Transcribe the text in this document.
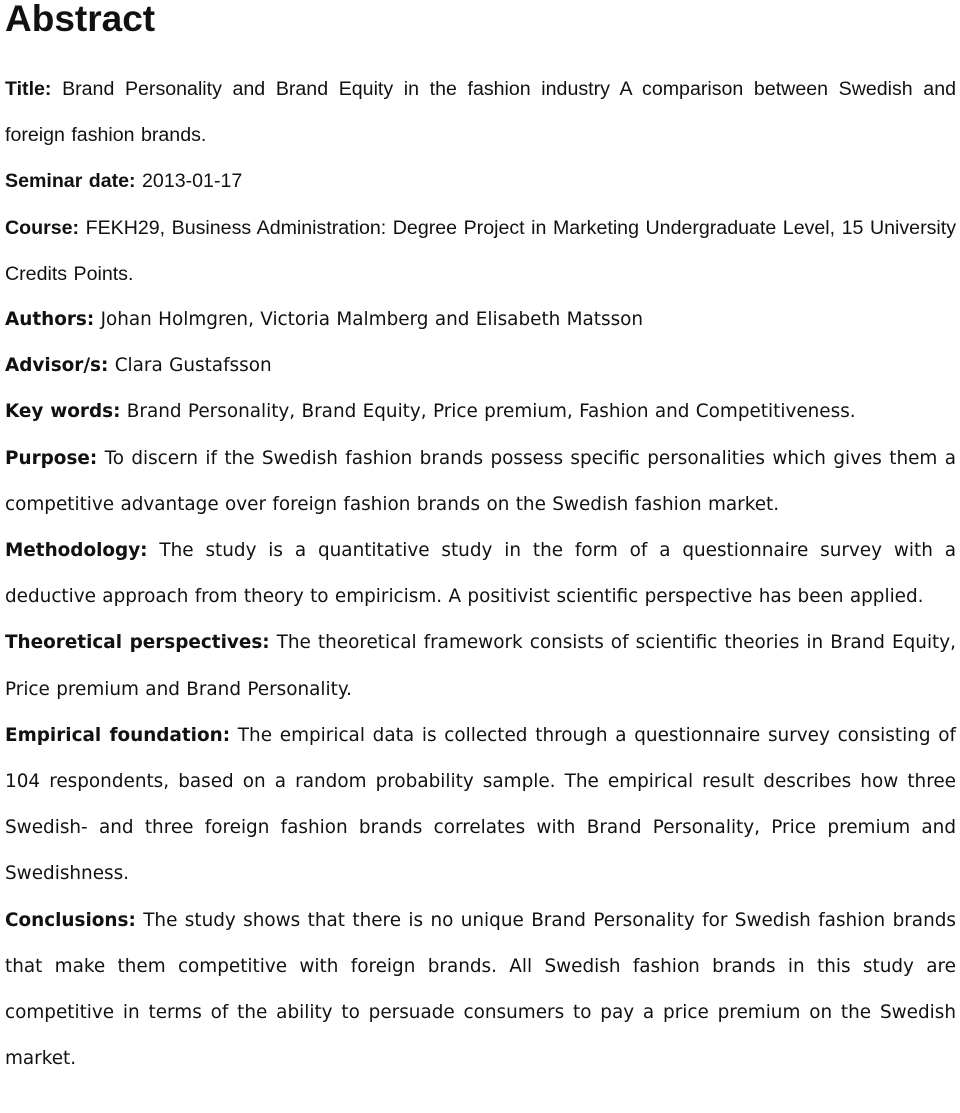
Abstract

Title: Brand Personality and Brand Equity in the fashion industry A comparison between Swedish and foreign fashion brands.

Seminar date: 2013-01-17

Course: FEKH29, Business Administration: Degree Project in Marketing Undergraduate Level, 15 University Credits Points.

Authors: Johan Holmgren, Victoria Malmberg and Elisabeth Matsson

Advisor/s: Clara Gustafsson

Key words: Brand Personality, Brand Equity, Price premium, Fashion and Competitiveness.

Purpose: To discern if the Swedish fashion brands possess specific personalities which gives them a competitive advantage over foreign fashion brands on the Swedish fashion market.

Methodology: The study is a quantitative study in the form of a questionnaire survey with a deductive approach from theory to empiricism. A positivist scientific perspective has been applied.

Theoretical perspectives: The theoretical framework consists of scientific theories in Brand Equity, Price premium and Brand Personality.

Empirical foundation: The empirical data is collected through a questionnaire survey consisting of 104 respondents, based on a random probability sample. The empirical result describes how three Swedish- and three foreign fashion brands correlates with Brand Personality, Price premium and Swedishness.

Conclusions: The study shows that there is no unique Brand Personality for Swedish fashion brands that make them competitive with foreign brands. All Swedish fashion brands in this study are competitive in terms of the ability to persuade consumers to pay a price premium on the Swedish market.
